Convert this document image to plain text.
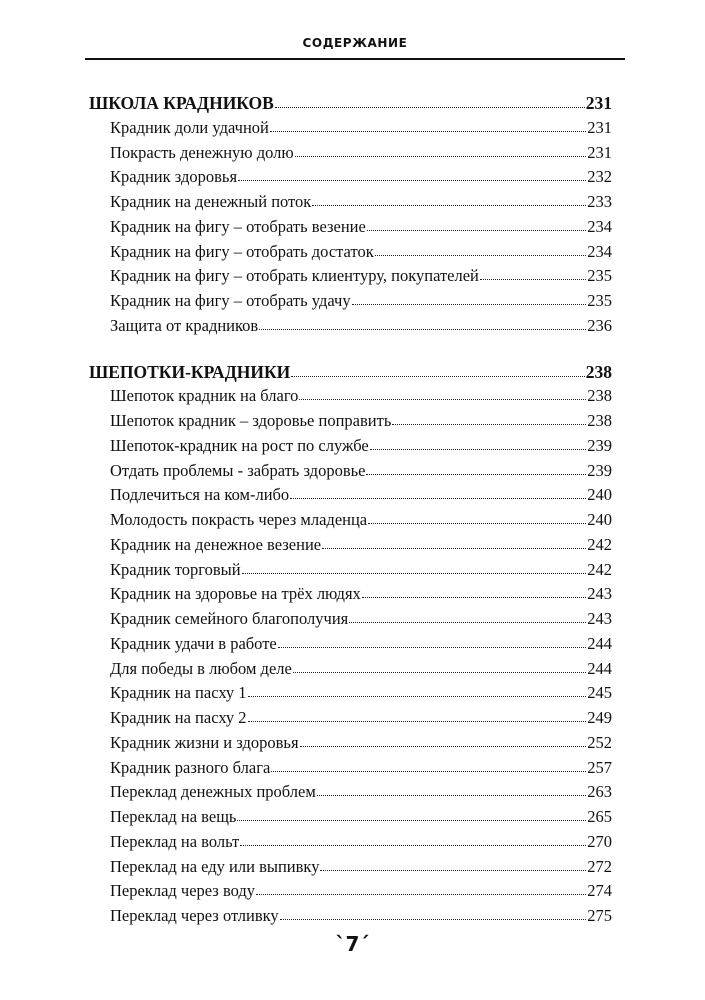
СОДЕРЖАНИЕ
ШКОЛА КРАДНИКОВ	231
Крадник доли удачной	231
Покрасть денежную долю	231
Крадник здоровья	232
Крадник на денежный поток	233
Крадник на фигу – отобрать везение	234
Крадник на фигу – отобрать достаток	234
Крадник на фигу – отобрать клиентуру, покупателей	235
Крадник на фигу – отобрать удачу	235
Защита от крадников	236
ШЕПОТКИ-КРАДНИКИ	238
Шепоток крадник на благо	238
Шепоток крадник – здоровье поправить	238
Шепоток-крадник на рост по службе	239
Отдать проблемы - забрать здоровье	239
Подлечиться на ком-либо	240
Молодость покрасть через младенца	240
Крадник на денежное везение	242
Крадник торговый	242
Крадник на здоровье на трёх людях	243
Крадник семейного благополучия	243
Крадник удачи в работе	244
Для победы в любом деле	244
Крадник на пасху 1	245
Крадник на пасху 2	249
Крадник жизни и здоровья	252
Крадник разного блага	257
Переклад денежных проблем	263
Переклад на вещь	265
Переклад на вольт	270
Переклад на еду или выпивку	272
Переклад через воду	274
Переклад через отливку	275
`7´
